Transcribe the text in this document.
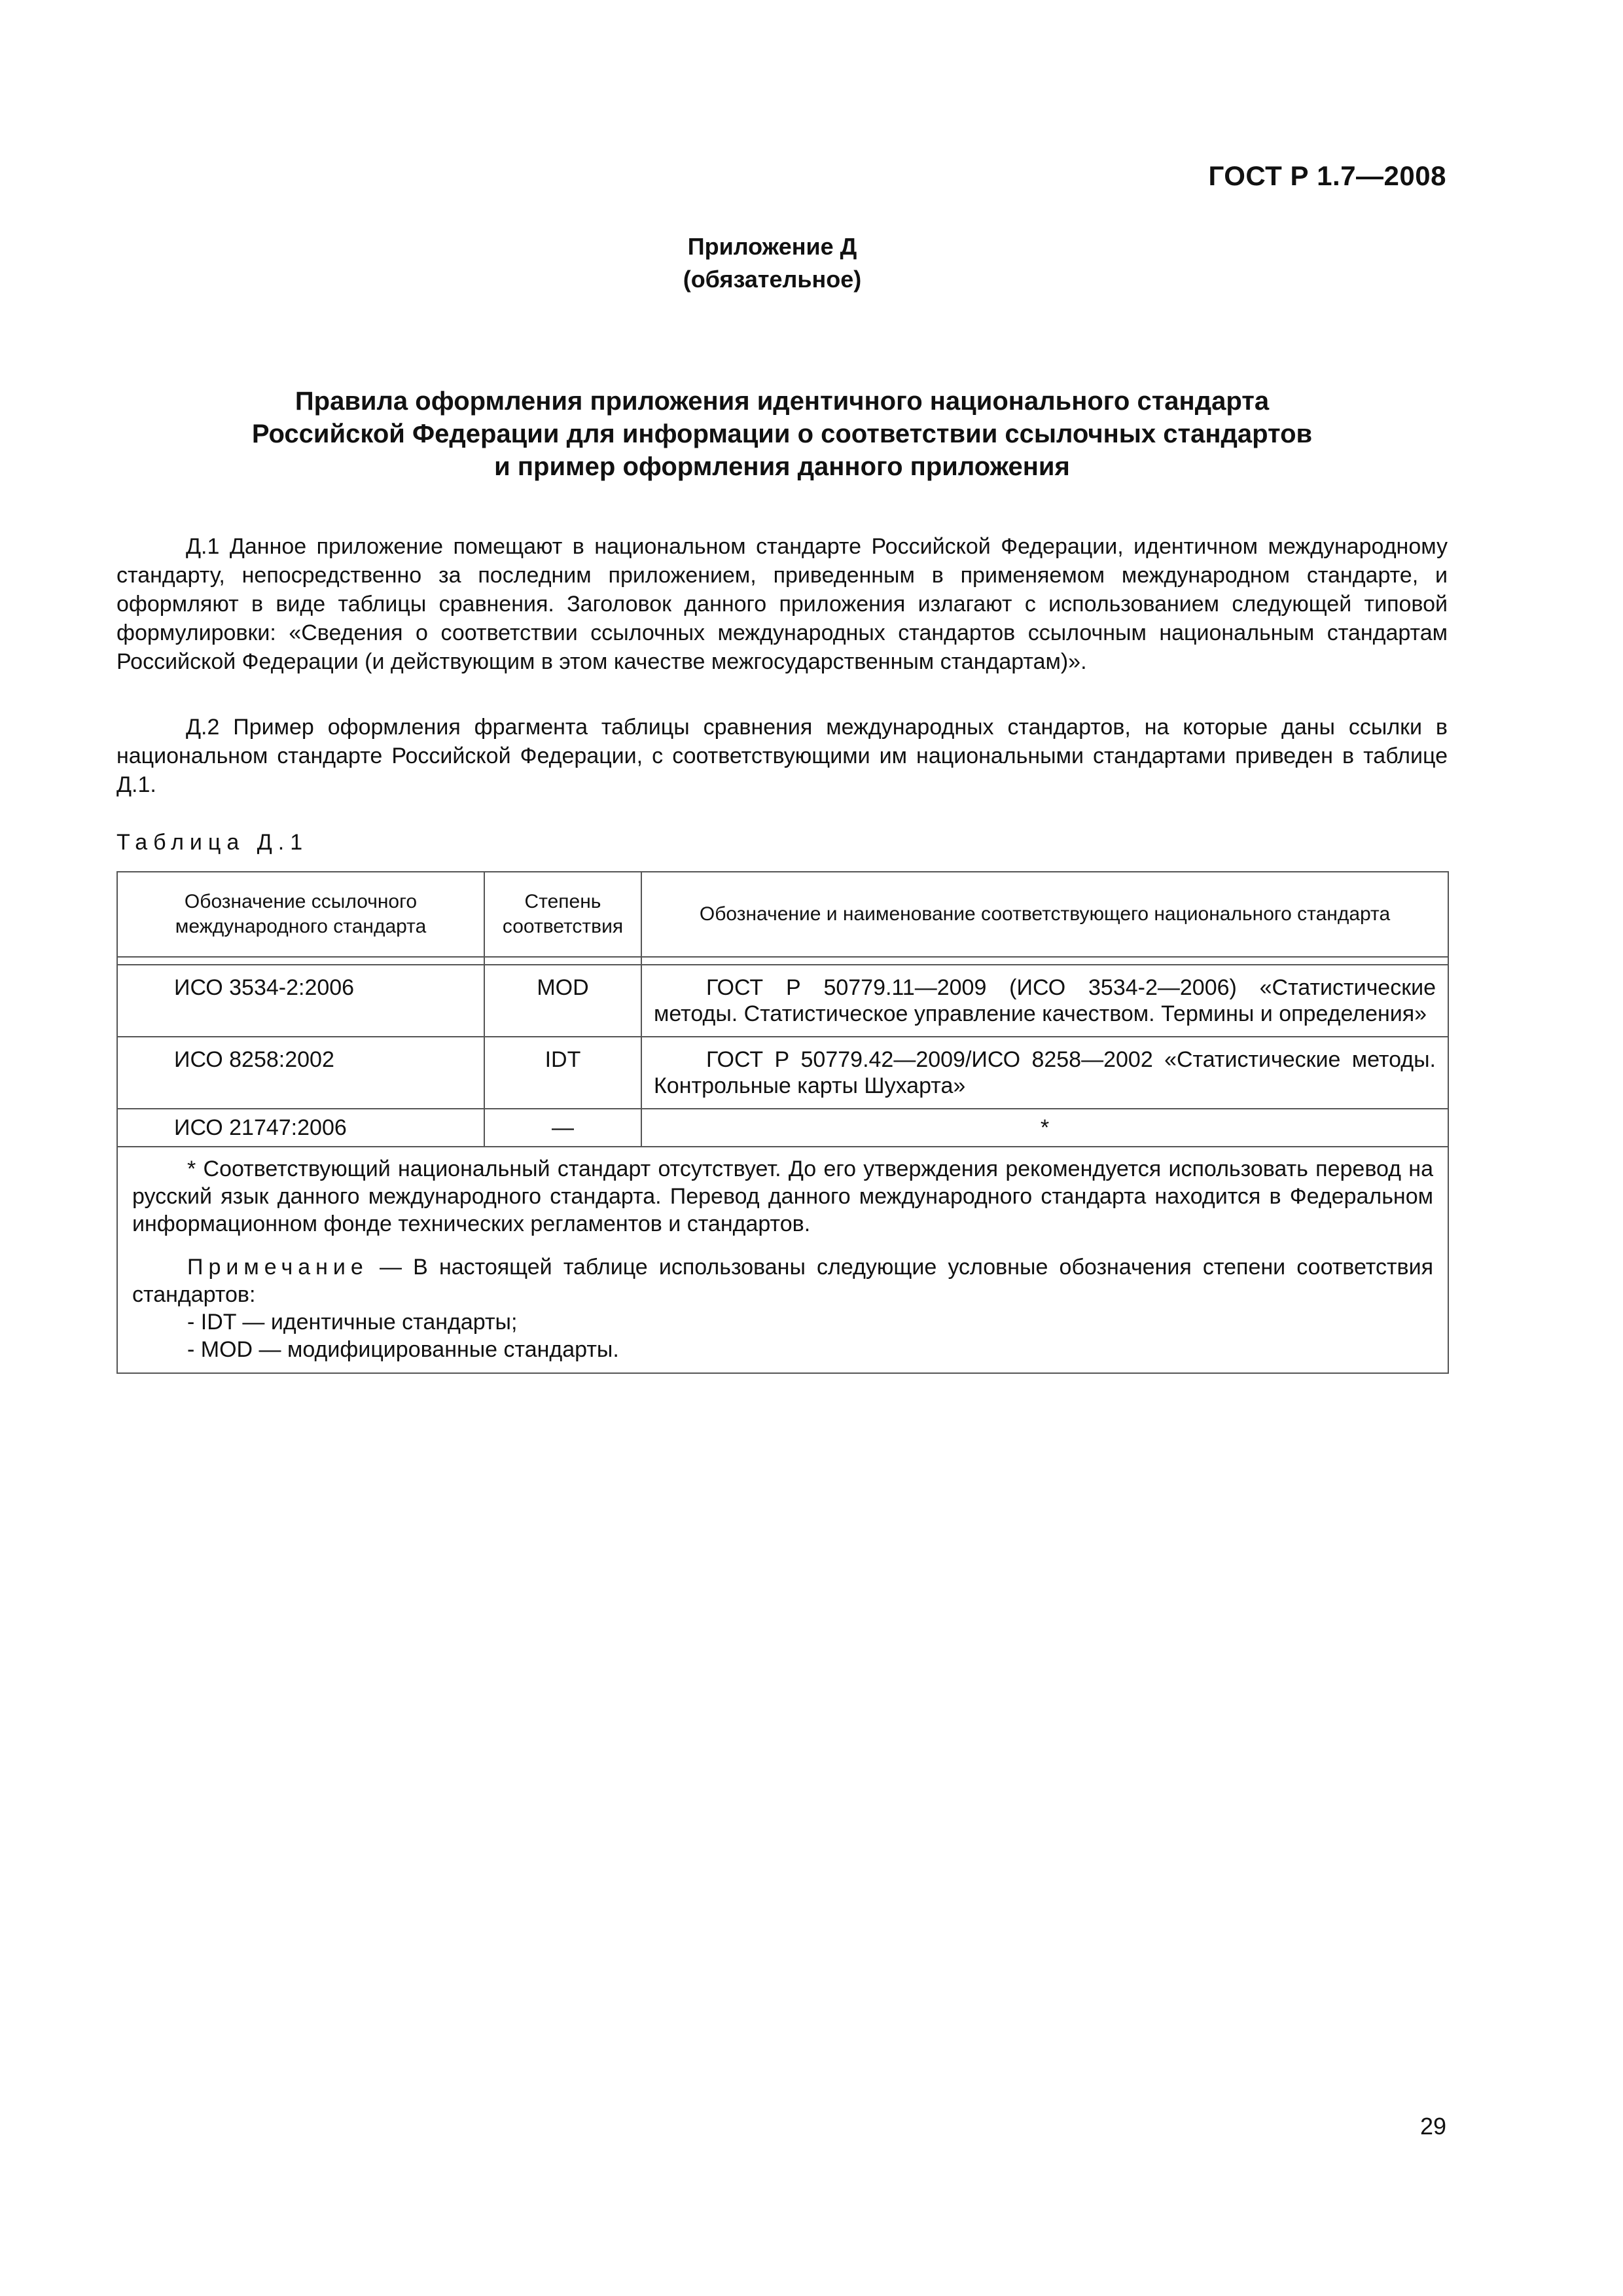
ГОСТ Р 1.7—2008
Приложение Д
(обязательное)
Правила оформления приложения идентичного национального стандарта
Российской Федерации для информации о соответствии ссылочных стандартов
и пример оформления данного приложения

Д.1 Данное приложение помещают в национальном стандарте Российской Федерации, идентичном международному стандарту, непосредственно за последним приложением, приведенным в применяемом международном стандарте, и оформляют в виде таблицы сравнения. Заголовок данного приложения излагают с использованием следующей типовой формулировки: «Сведения о соответствии ссылочных международных стандартов ссылочным национальным стандартам Российской Федерации (и действующим в этом качестве межгосударственным стандартам)».

Д.2 Пример оформления фрагмента таблицы сравнения международных стандартов, на которые даны ссылки в национальном стандарте Российской Федерации, с соответствующими им национальными стандартами приведен в таблице Д.1.

Таблица Д.1
Обозначение ссылочного международного стандарта	Степень соответствия	Обозначение и наименование соответствующего национального стандарта

ИСО 3534-2:2006	MOD	ГОСТ Р 50779.11—2009 (ИСО 3534-2—2006) «Статистические методы. Статистическое управление качеством. Термины и определения»
ИСО 8258:2002	IDT	ГОСТ Р 50779.42—2009/ИСО 8258—2002 «Статистические методы. Контрольные карты Шухарта»
ИСО 21747:2006	—	*

* Соответствующий национальный стандарт отсутствует. До его утверждения рекомендуется использовать перевод на русский язык данного международного стандарта. Перевод данного международного стандарта находится в Федеральном информационном фонде технических регламентов и стандартов.
Примечание — В настоящей таблице использованы следующие условные обозначения степени соответствия стандартов:
- IDT — идентичные стандарты;
- MOD — модифицированные стандарты.		
29
